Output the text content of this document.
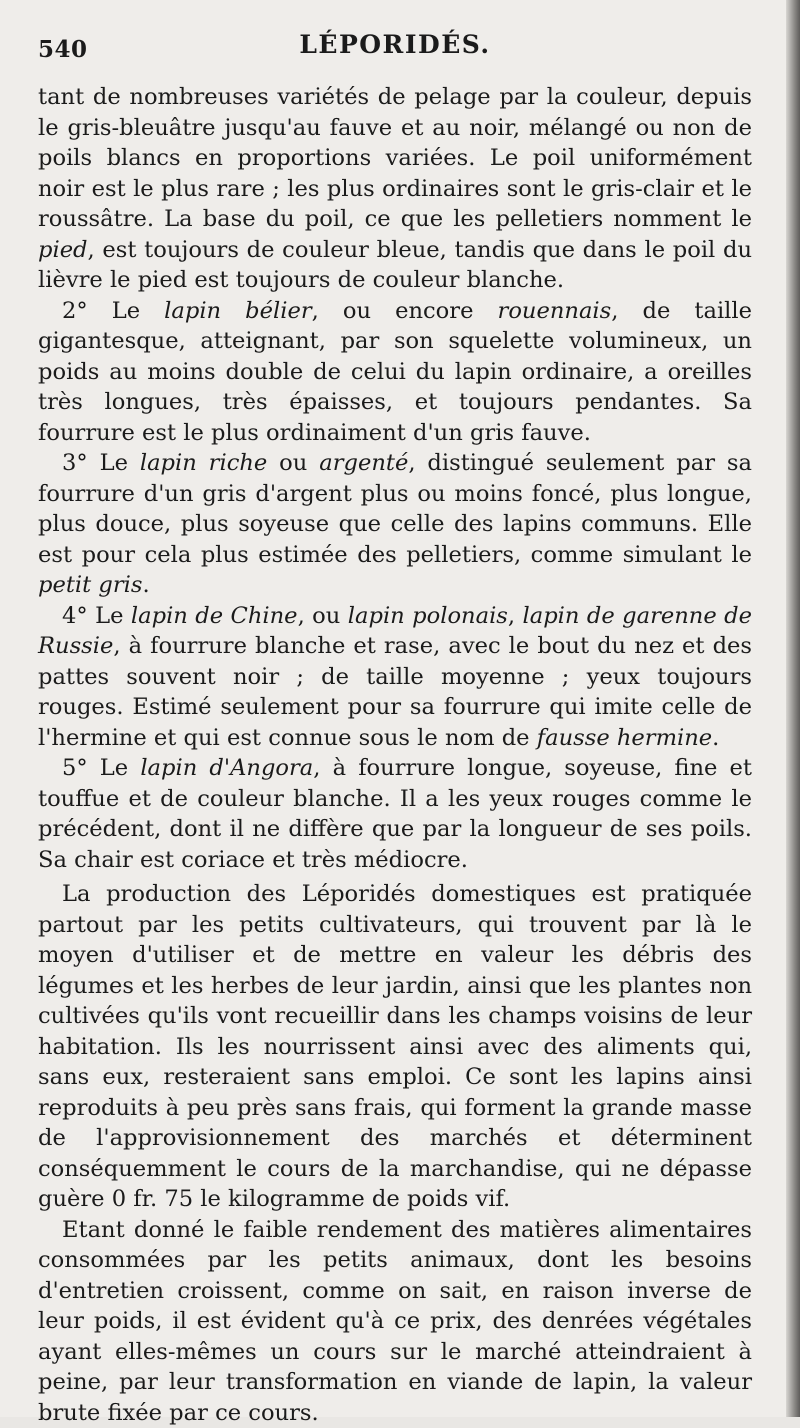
540	LÉPORIDÉS.

tant de nombreuses variétés de pelage par la couleur, depuis le gris-bleuâtre jusqu'au fauve et au noir, mélangé ou non de poils blancs en proportions variées. Le poil uniformément noir est le plus rare ; les plus ordinaires sont le gris-clair et le roussâtre. La base du poil, ce que les pelletiers nomment le pied, est toujours de couleur bleue, tandis que dans le poil du lièvre le pied est toujours de couleur blanche.

2° Le lapin bélier, ou encore rouennais, de taille gigantesque, atteignant, par son squelette volumineux, un poids au moins double de celui du lapin ordinaire, a oreilles très longues, très épaisses, et toujours pendantes. Sa fourrure est le plus ordinaiment d'un gris fauve.

3° Le lapin riche ou argenté, distingué seulement par sa fourrure d'un gris d'argent plus ou moins foncé, plus longue, plus douce, plus soyeuse que celle des lapins communs. Elle est pour cela plus estimée des pelletiers, comme simulant le petit gris.

4° Le lapin de Chine, ou lapin polonais, lapin de garenne de Russie, à fourrure blanche et rase, avec le bout du nez et des pattes souvent noir ; de taille moyenne ; yeux toujours rouges. Estimé seulement pour sa fourrure qui imite celle de l'hermine et qui est connue sous le nom de fausse hermine.

5° Le lapin d'Angora, à fourrure longue, soyeuse, fine et touffue et de couleur blanche. Il a les yeux rouges comme le précédent, dont il ne diffère que par la longueur de ses poils. Sa chair est coriace et très médiocre.

La production des Léporidés domestiques est pratiquée partout par les petits cultivateurs, qui trouvent par là le moyen d'utiliser et de mettre en valeur les débris des légumes et les herbes de leur jardin, ainsi que les plantes non cultivées qu'ils vont recueillir dans les champs voisins de leur habitation. Ils les nourrissent ainsi avec des aliments qui, sans eux, resteraient sans emploi. Ce sont les lapins ainsi reproduits à peu près sans frais, qui forment la grande masse de l'approvisionnement des marchés et déterminent conséquemment le cours de la marchandise, qui ne dépasse guère 0 fr. 75 le kilogramme de poids vif.

Etant donné le faible rendement des matières alimentaires consommées par les petits animaux, dont les besoins d'entretien croissent, comme on sait, en raison inverse de leur poids, il est évident qu'à ce prix, des denrées végétales ayant elles-mêmes un cours sur le marché atteindraient à peine, par leur transformation en viande de lapin, la valeur brute fixée par ce cours.
